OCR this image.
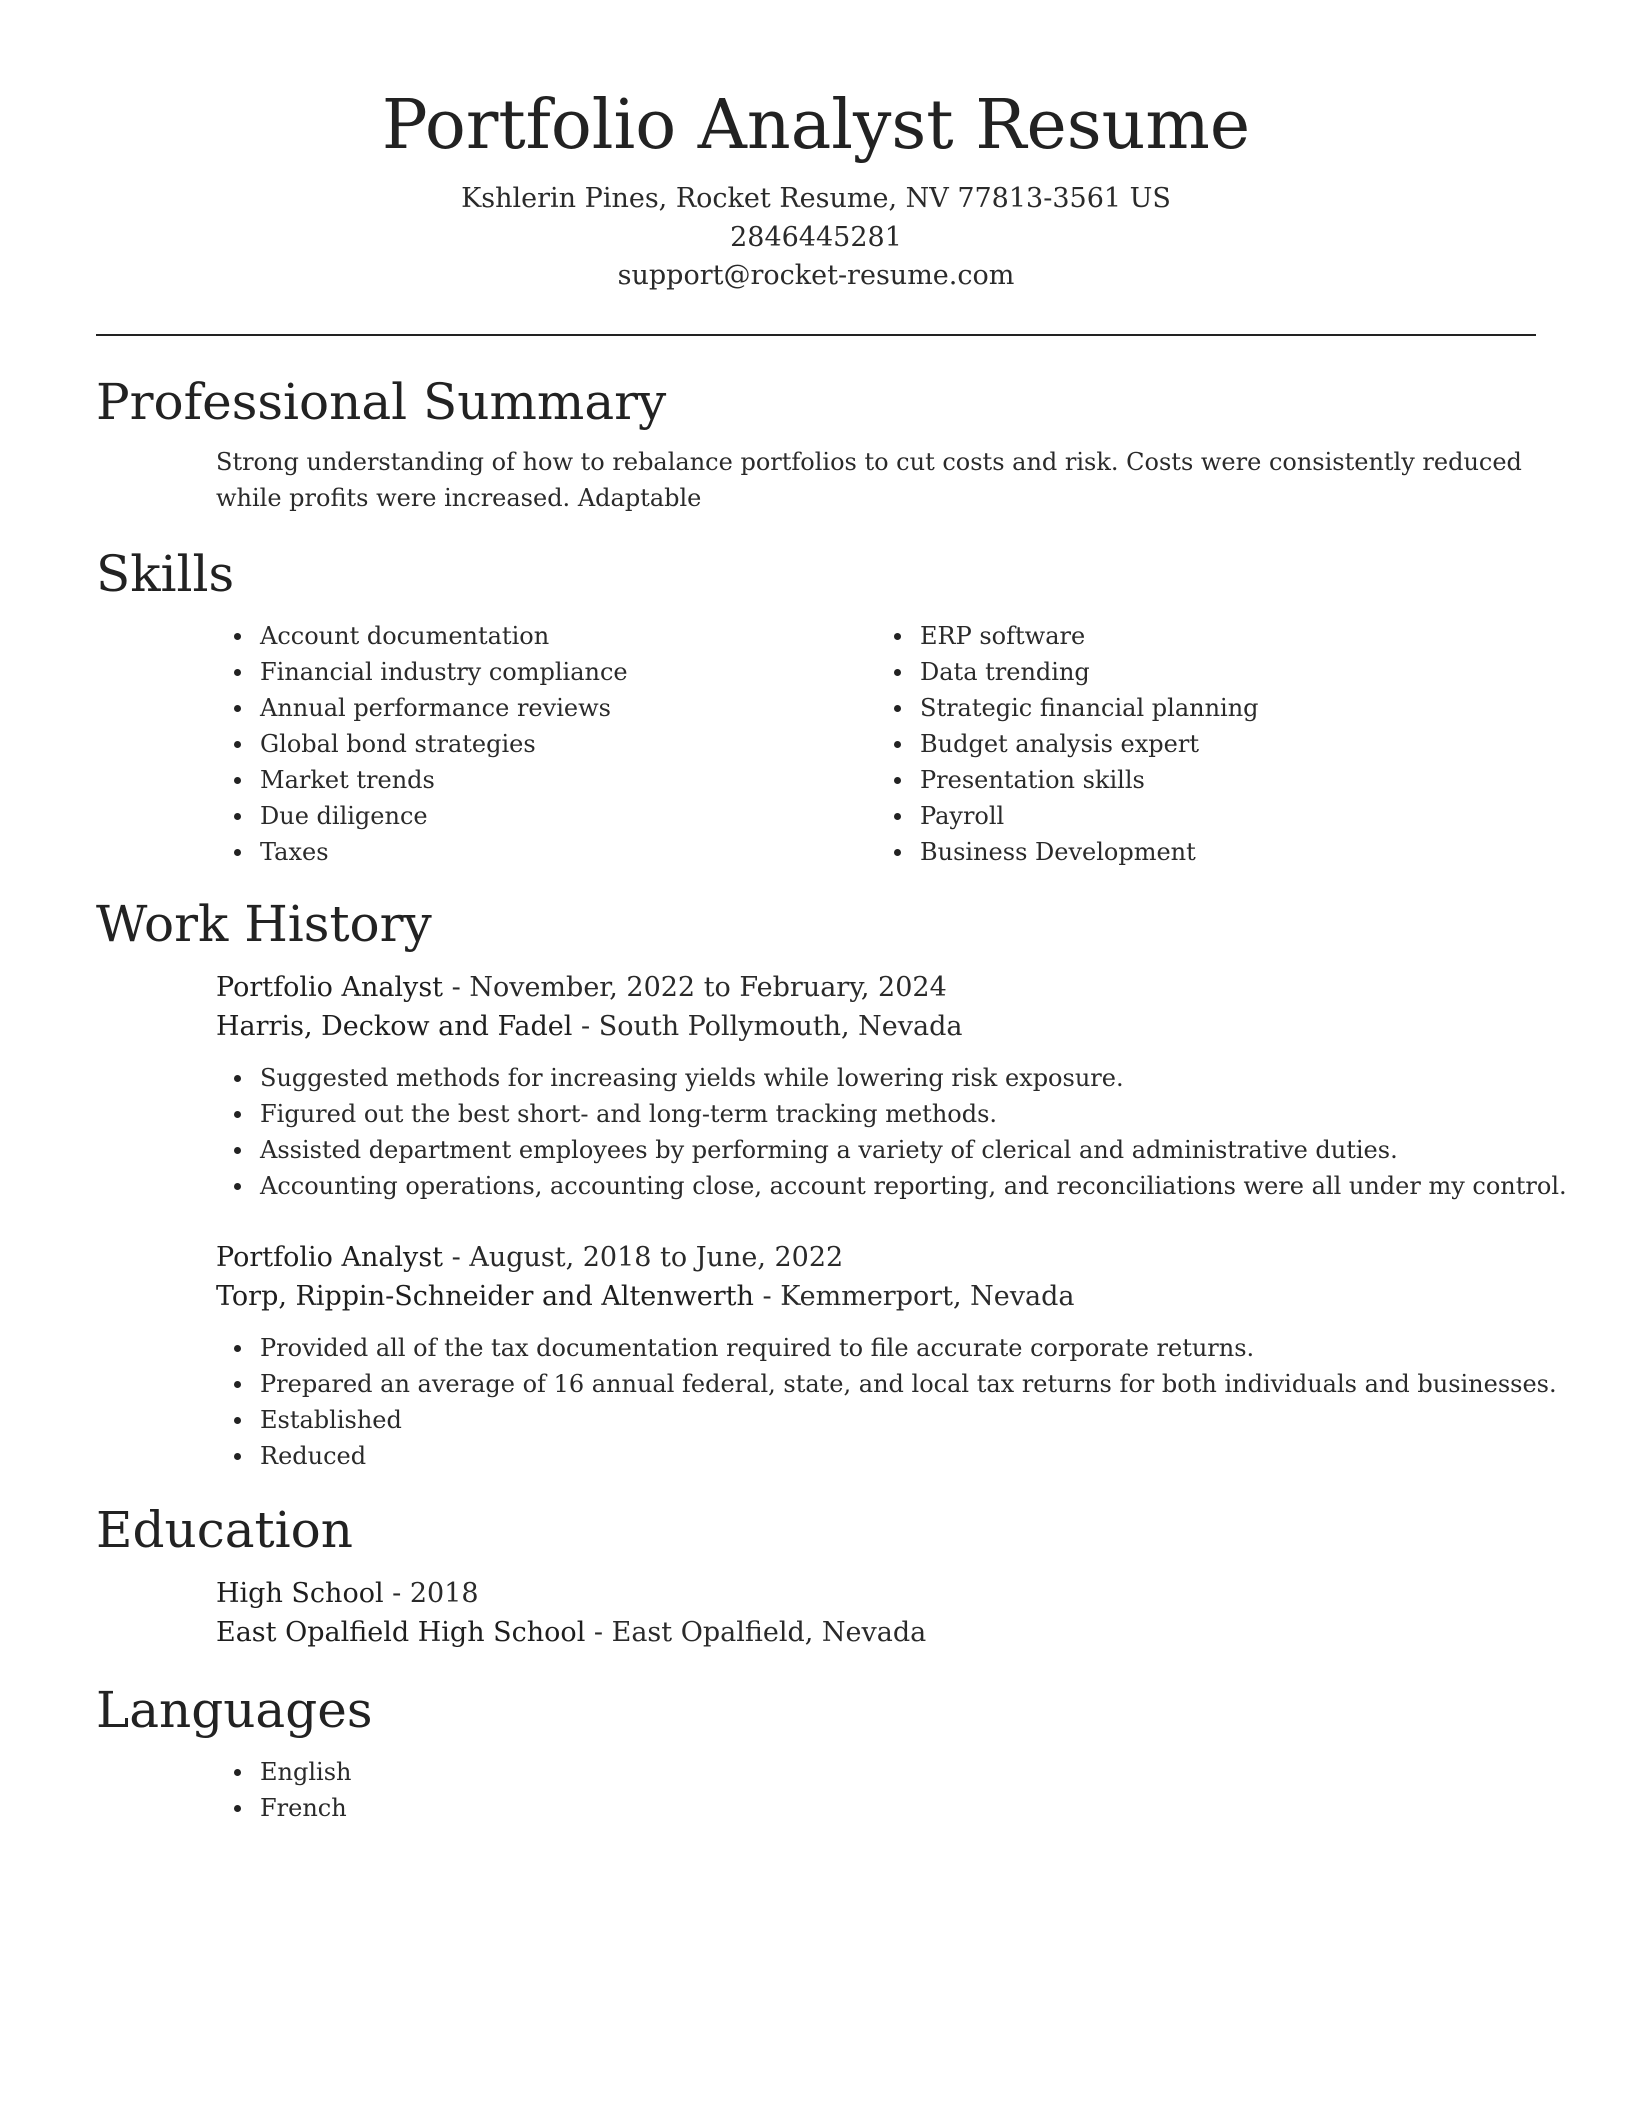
Portfolio Analyst Resume
Kshlerin Pines, Rocket Resume, NV 77813-3561 US
2846445281
support@rocket-resume.com
Professional Summary
Strong understanding of how to rebalance portfolios to cut costs and risk. Costs were consistently reduced while profits were increased. Adaptable
Skills
Account documentation
Financial industry compliance
Annual performance reviews
Global bond strategies
Market trends
Due diligence
Taxes
ERP software
Data trending
Strategic financial planning
Budget analysis expert
Presentation skills
Payroll
Business Development
Work History
Portfolio Analyst - November, 2022 to February, 2024
Harris, Deckow and Fadel - South Pollymouth, Nevada
Suggested methods for increasing yields while lowering risk exposure.
Figured out the best short- and long-term tracking methods.
Assisted department employees by performing a variety of clerical and administrative duties.
Accounting operations, accounting close, account reporting, and reconciliations were all under my control.
Portfolio Analyst - August, 2018 to June, 2022
Torp, Rippin-Schneider and Altenwerth - Kemmerport, Nevada
Provided all of the tax documentation required to file accurate corporate returns.
Prepared an average of 16 annual federal, state, and local tax returns for both individuals and businesses.
Established
Reduced
Education
High School - 2018
East Opalfield High School - East Opalfield, Nevada
Languages
English
French
